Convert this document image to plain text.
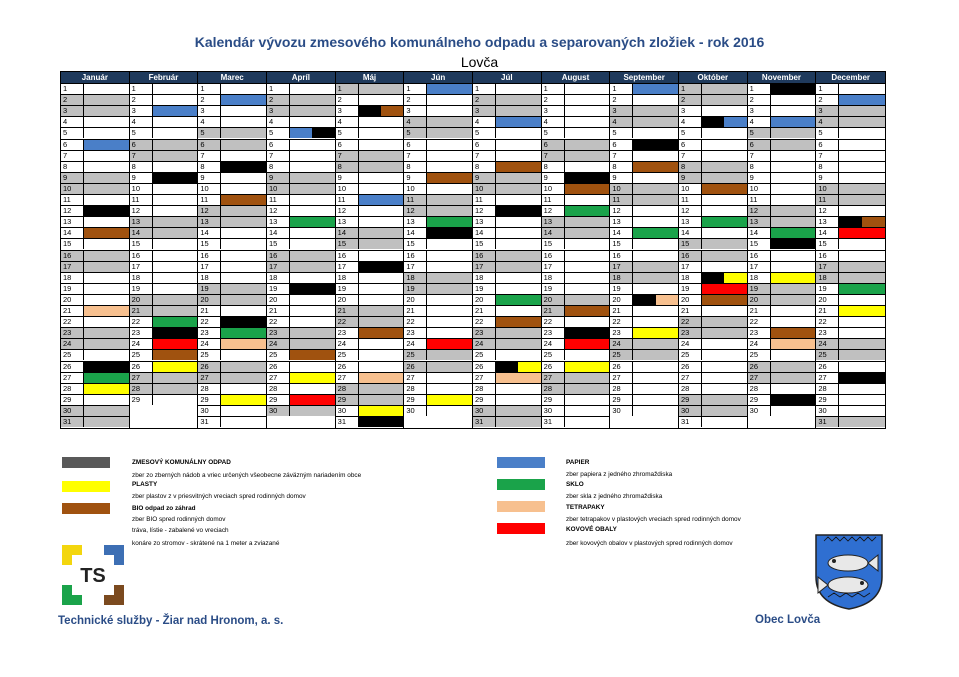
Kalendár vývozu zmesového komunálneho odpadu a separovaných zložiek - rok 2016
Lovča
Január
1
2
3
4
5
6
7
8
9
10
11
12
13
14
15
16
17
18
19
20
21
22
23
24
25
26
27
28
29
30
31
Február
1
2
3
4
5
6
7
8
9
10
11
12
13
14
15
16
17
18
19
20
21
22
23
24
25
26
27
28
29
Marec
1
2
3
4
5
6
7
8
9
10
11
12
13
14
15
16
17
18
19
20
21
22
23
24
25
26
27
28
29
30
31
Apríl
1
2
3
4
5
6
7
8
9
10
11
12
13
14
15
16
17
18
19
20
21
22
23
24
25
26
27
28
29
30
Máj
1
2
3
4
5
6
7
8
9
10
11
12
13
14
15
16
17
18
19
20
21
22
23
24
25
26
27
28
29
30
31
Jún
1
2
3
4
5
6
7
8
9
10
11
12
13
14
15
16
17
18
19
20
21
22
23
24
25
26
27
28
29
30
Júl
1
2
3
4
5
6
7
8
9
10
11
12
13
14
15
16
17
18
19
20
21
22
23
24
25
26
27
28
29
30
31
August
1
2
3
4
5
6
7
8
9
10
11
12
13
14
15
16
17
18
19
20
21
22
23
24
25
26
27
28
29
30
31
September
1
2
3
4
5
6
7
8
9
10
11
12
13
14
15
16
17
18
19
20
21
22
23
24
25
26
27
28
29
30
Október
1
2
3
4
5
6
7
8
9
10
11
12
13
14
15
16
17
18
19
20
21
22
23
24
25
26
27
28
29
30
31
November
1
2
3
4
5
6
7
8
9
10
11
12
13
14
15
16
17
18
19
20
21
22
23
24
25
26
27
28
29
30
December
1
2
3
4
5
6
7
8
9
10
11
12
13
14
15
16
17
18
19
20
21
22
23
24
25
26
27
28
29
30
31
ZMESOVÝ KOMUNÁLNY ODPAD
zber zo zberných nádob a vriec určených všeobecne záväzným nariadením obce
PLASTY
zber plastov z v priesvitných vreciach spred rodinných domov
BIO odpad zo záhrad
zber BIO spred rodinných domov
tráva, lístie - zabalené vo vreciach
konáre zo stromov - skrátené na 1 meter a zviazané
PAPIER
zber papiera z jedného zhromaždiska
SKLO
zber skla z jedného zhromaždiska
TETRAPAKY
zber tetrapakov v plastových vreciach spred rodinných domov
KOVOVÉ OBALY
zber kovových obalov v plastových spred rodinných domov
TS
Technické služby - Žiar nad Hronom, a. s.	Obec Lovča
